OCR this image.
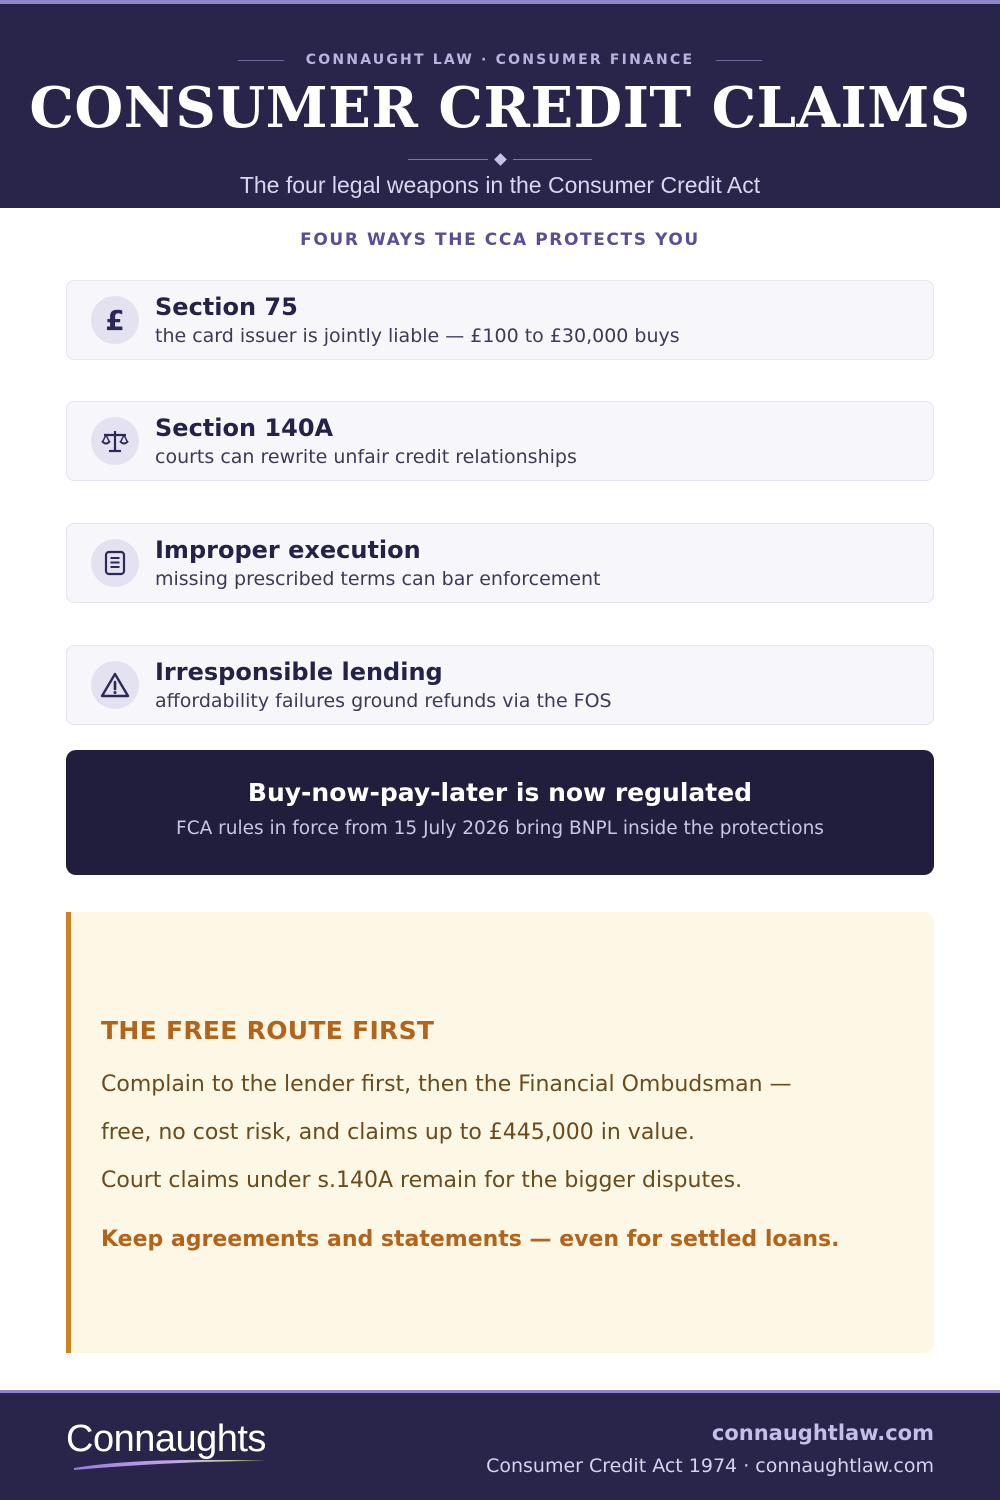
CONNAUGHT LAW · CONSUMER FINANCE
CONSUMER CREDIT CLAIMS
The four legal weapons in the Consumer Credit Act
FOUR WAYS THE CCA PROTECTS YOU
£ Section 75
the card issuer is jointly liable — £100 to £30,000 buys
Section 140A
courts can rewrite unfair credit relationships
Improper execution
missing prescribed terms can bar enforcement
Irresponsible lending
affordability failures ground refunds via the FOS
Buy-now-pay-later is now regulated
FCA rules in force from 15 July 2026 bring BNPL inside the protections
THE FREE ROUTE FIRST
Complain to the lender first, then the Financial Ombudsman —
free, no cost risk, and claims up to £445,000 in value.
Court claims under s.140A remain for the bigger disputes.
Keep agreements and statements — even for settled loans.
Connaughts	connaughtlaw.com
Consumer Credit Act 1974 · connaughtlaw.com
